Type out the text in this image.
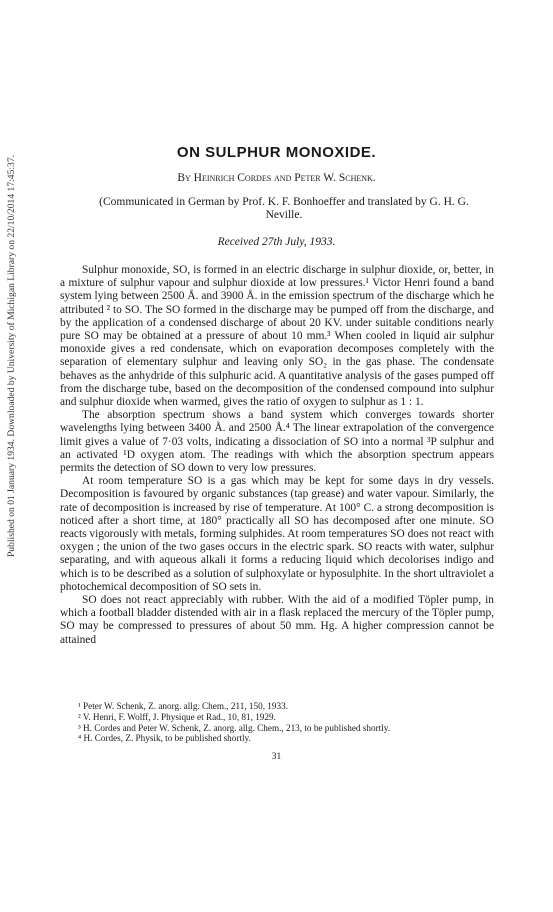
Published on 01 January 1934. Downloaded by University of Michigan Library on 22/10/2014 17:45:37.
ON SULPHUR MONOXIDE.
By Heinrich Cordes and Peter W. Schenk.
(Communicated in German by Prof. K. F. Bonhoeffer and translated by G. H. G. Neville.
Received 27th July, 1933.

Sulphur monoxide, SO, is formed in an electric discharge in sulphur dioxide, or, better, in a mixture of sulphur vapour and sulphur dioxide at low pressures.¹ Victor Henri found a band system lying between 2500 Å. and 3900 Å. in the emission spectrum of the discharge which he attributed ² to SO. The SO formed in the discharge may be pumped off from the discharge, and by the application of a condensed discharge of about 20 KV. under suitable conditions nearly pure SO may be obtained at a pressure of about 10 mm.³ When cooled in liquid air sulphur monoxide gives a red condensate, which on evaporation decomposes completely with the separation of elementary sulphur and leaving only SO₂ in the gas phase. The condensate behaves as the anhydride of this sulphuric acid. A quantitative analysis of the gases pumped off from the discharge tube, based on the decomposition of the condensed compound into sulphur and sulphur dioxide when warmed, gives the ratio of oxygen to sulphur as 1 : 1.

The absorption spectrum shows a band system which converges towards shorter wavelengths lying between 3400 Å. and 2500 Å.⁴ The linear extrapolation of the convergence limit gives a value of 7·03 volts, indicating a dissociation of SO into a normal ³P sulphur and an activated ¹D oxygen atom. The readings with which the absorption spectrum appears permits the detection of SO down to very low pressures.

At room temperature SO is a gas which may be kept for some days in dry vessels. Decomposition is favoured by organic substances (tap grease) and water vapour. Similarly, the rate of decomposition is increased by rise of temperature. At 100° C. a strong decomposition is noticed after a short time, at 180° practically all SO has decomposed after one minute. SO reacts vigorously with metals, forming sulphides. At room temperatures SO does not react with oxygen ; the union of the two gases occurs in the electric spark. SO reacts with water, sulphur separating, and with aqueous alkali it forms a reducing liquid which decolorises indigo and which is to be described as a solution of sulphoxylate or hyposulphite. In the short ultraviolet a photochemical decomposition of SO sets in.

SO does not react appreciably with rubber. With the aid of a modified Töpler pump, in which a football bladder distended with air in a flask replaced the mercury of the Töpler pump, SO may be compressed to pressures of about 50 mm. Hg. A higher compression cannot be attained

¹ Peter W. Schenk, Z. anorg. allg. Chem., 211, 150, 1933.

² V. Henri, F. Wolff, J. Physique et Rad., 10, 81, 1929.

³ H. Cordes and Peter W. Schenk, Z. anorg. allg. Chem., 213, to be published shortly.

⁴ H. Cordes, Z. Physik, to be published shortly.

31
